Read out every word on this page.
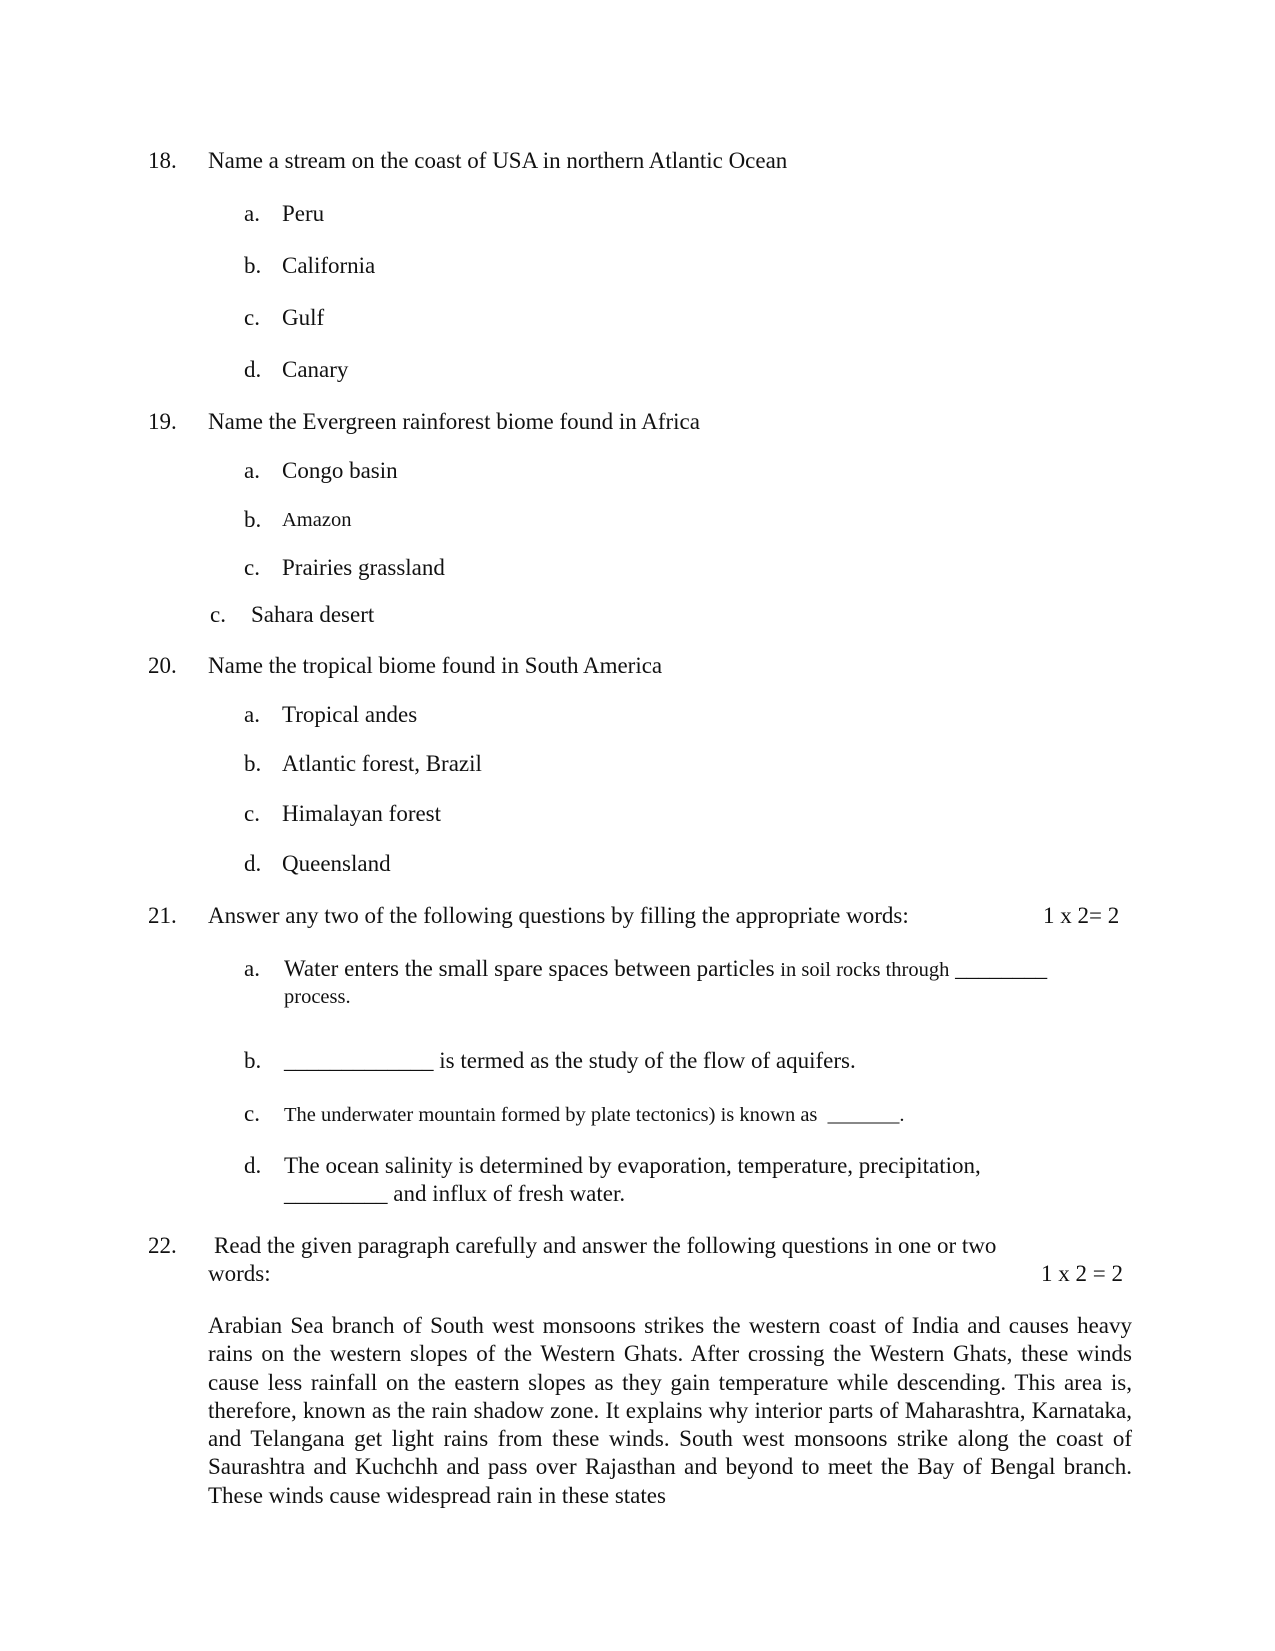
18. Name a stream on the coast of USA in northern Atlantic Ocean
a. Peru
b. California
c. Gulf
d. Canary
19. Name the Evergreen rainforest biome found in Africa
a. Congo basin
b. Amazon
c. Prairies grassland
c. Sahara desert
20. Name the tropical biome found in South America
a. Tropical andes
b. Atlantic forest, Brazil
c. Himalayan forest
d. Queensland
21. Answer any two of the following questions by filling the appropriate words:	1 x 2= 2
a. Water enters the small spare spaces between particles in soil rocks through ________
process.
b. _____________ is termed as the study of the flow of aquifers.
c. The underwater mountain formed by plate tectonics) is known as _______.
d. The ocean salinity is determined by evaporation, temperature, precipitation,
_________ and influx of fresh water.
22. Read the given paragraph carefully and answer the following questions in one or two
words:	1 x 2 = 2

Arabian Sea branch of South west monsoons strikes the western coast of India and causes heavy rains on the western slopes of the Western Ghats. After crossing the Western Ghats, these winds cause less rainfall on the eastern slopes as they gain temperature while descending. This area is, therefore, known as the rain shadow zone. It explains why interior parts of Maharashtra, Karnataka, and Telangana get light rains from these winds. South west monsoons strike along the coast of Saurashtra and Kuchchh and pass over Rajasthan and beyond to meet the Bay of Bengal branch. These winds cause widespread rain in these states
